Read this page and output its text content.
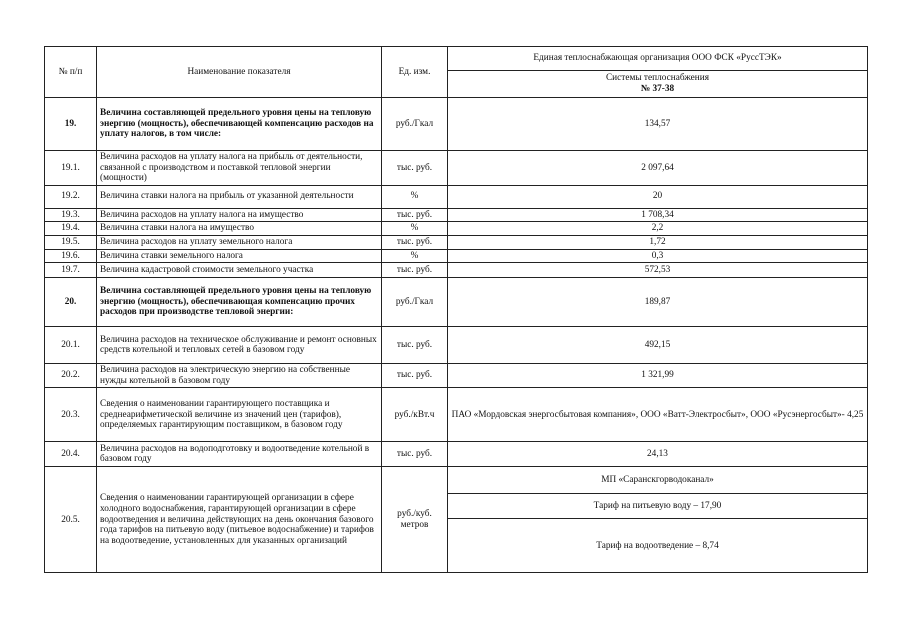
№ п/п	Наименование показателя	Ед. изм.	Единая теплоснабжающая организация ООО ФСК «РуссТЭК»

			Системы теплоснабжения
№ 37-38

19.	Величина составляющей предельного уровня цены на тепловую энергию (мощность), обеспечивающей компенсацию расходов на уплату налогов, в том числе:	руб./Гкал	134,57
19.1.	Величина расходов на уплату налога на прибыль от деятельности, связанной с производством и поставкой тепловой энергии (мощности)	тыс. руб.	2 097,64
19.2.	Величина ставки налога на прибыль от указанной деятельности	%	20
19.3.	Величина расходов на уплату налога на имущество	тыс. руб.	1 708,34
19.4.	Величина ставки налога на имущество	%	2,2
19.5.	Величина расходов на уплату земельного налога	тыс. руб.	1,72
19.6.	Величина ставки земельного налога	%	0,3
19.7.	Величина кадастровой стоимости земельного участка	тыс. руб.	572,53
20.	Величина составляющей предельного уровня цены на тепловую энергию (мощность), обеспечивающая компенсацию прочих расходов при производстве тепловой энергии:	руб./Гкал	189,87
20.1.	Величина расходов на техническое обслуживание и ремонт основных средств котельной и тепловых сетей в базовом году	тыс. руб.	492,15
20.2.	Величина расходов на электрическую энергию на собственные нужды котельной в базовом году	тыс. руб.	1 321,99
20.3.	Сведения о наименовании гарантирующего поставщика и среднеарифметической величине из значений цен (тарифов), определяемых гарантирующим поставщиком, в базовом году	руб./кВт.ч	ПАО «Мордовская энергосбытовая компания», ООО «Ватт-Электросбыт», ООО «Русэнергосбыт»- 4,25
20.4.	Величина расходов на водоподготовку и водоотведение котельной в базовом году	тыс. руб.	24,13
20.5.	Сведения о наименовании гарантирующей организации в сфере холодного водоснабжения, гарантирующей организации в сфере водоотведения и величина действующих на день окончания базового года тарифов на питьевую воду (питьевое водоснабжение) и тарифов на водоотведение, установленных для указанных организаций	руб./куб. метров	МП «Саранскгорводоканал»
			Тариф на питьевую воду – 17,90
			Тариф на водоотведение – 8,74
